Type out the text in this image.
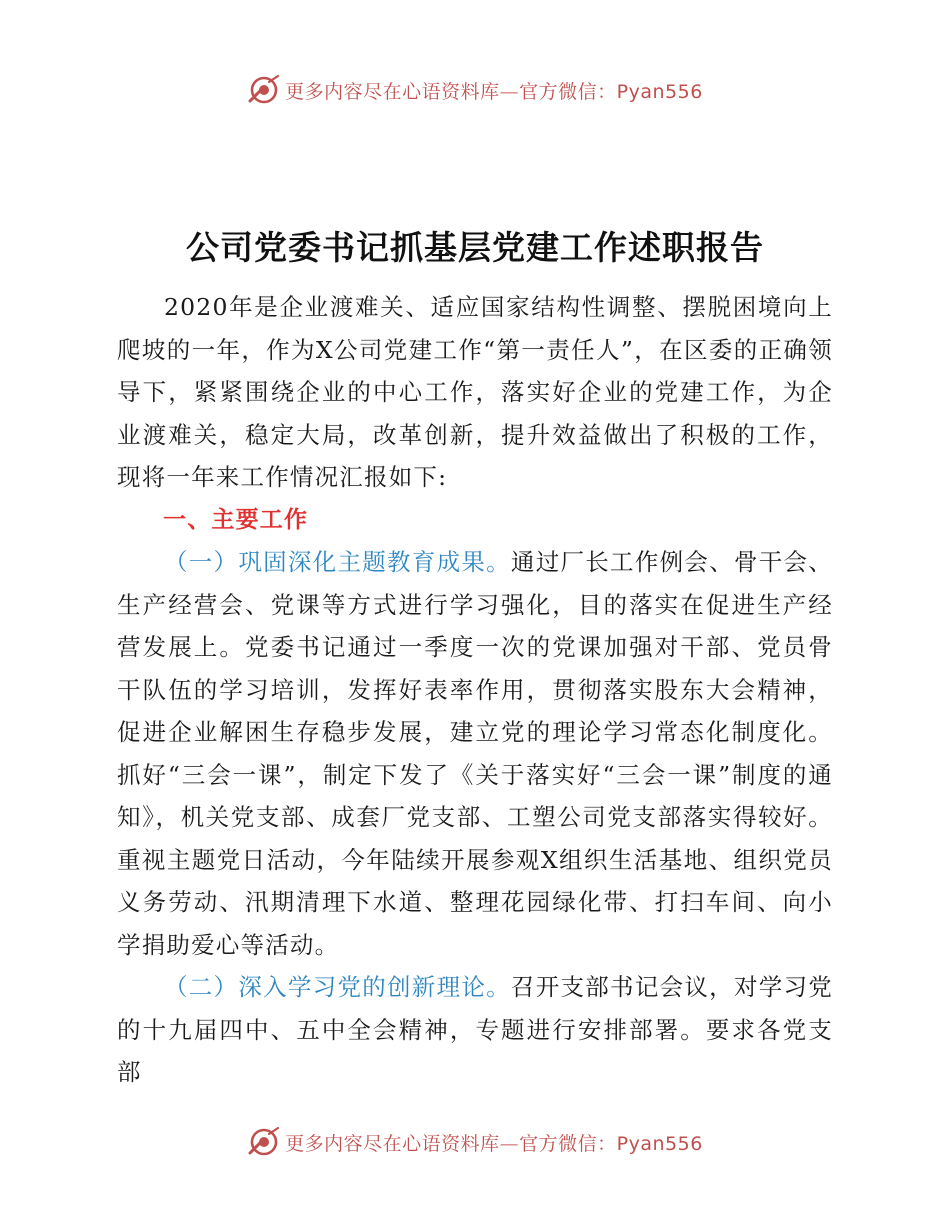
更多内容尽在心语资料库—官方微信：Pyan556
公司党委书记抓基层党建工作述职报告

2020年是企业渡难关、适应国家结构性调整、摆脱困境向上爬坡的一年，作为X公司党建工作“第一责任人”，在区委的正确领导下，紧紧围绕企业的中心工作，落实好企业的党建工作，为企业渡难关，稳定大局，改革创新，提升效益做出了积极的工作，现将一年来工作情况汇报如下:

一、主要工作

（一）巩固深化主题教育成果。通过厂长工作例会、骨干会、生产经营会、党课等方式进行学习强化，目的落实在促进生产经营发展上。党委书记通过一季度一次的党课加强对干部、党员骨干队伍的学习培训，发挥好表率作用，贯彻落实股东大会精神，促进企业解困生存稳步发展，建立党的理论学习常态化制度化。抓好“三会一课”，制定下发了《关于落实好“三会一课”制度的通知》，机关党支部、成套厂党支部、工塑公司党支部落实得较好。重视主题党日活动，今年陆续开展参观X组织生活基地、组织党员义务劳动、汛期清理下水道、整理花园绿化带、打扫车间、向小学捐助爱心等活动。

（二）深入学习党的创新理论。召开支部书记会议，对学习党的十九届四中、五中全会精神，专题进行安排部署。要求各党支部

更多内容尽在心语资料库—官方微信：Pyan556
